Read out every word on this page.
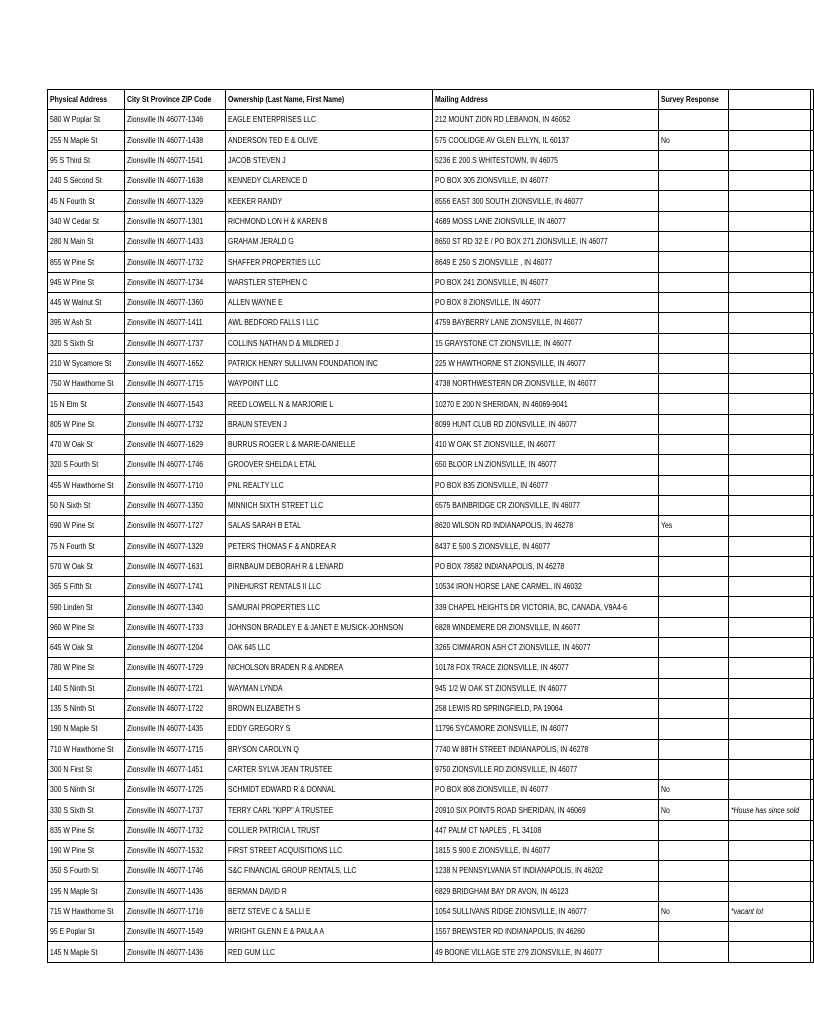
Physical Address	City St Province ZIP Code	Ownership (Last Name, First Name)	Mailing Address	Survey Response		
580 W Poplar St	Zionsville IN 46077-1346	EAGLE ENTERPRISES LLC	212 MOUNT ZION RD LEBANON, IN 46052			
255 N Maple St	Zionsville IN 46077-1438	ANDERSON TED E & OLIVE	575 COOLIDGE AV GLEN ELLYN, IL 60137	No		
95 S Third St	Zionsville IN 46077-1541	JACOB STEVEN J	5236 E 200 S WHITESTOWN, IN 46075			
240 S Second St	Zionsville IN 46077-1638	KENNEDY CLARENCE D	PO BOX 305 ZIONSVILLE, IN 46077			
45 N Fourth St	Zionsville IN 46077-1329	KEEKER RANDY	8556 EAST 300 SOUTH ZIONSVILLE, IN 46077			
340 W Cedar St	Zionsville IN 46077-1301	RICHMOND LON H & KAREN B	4689 MOSS LANE ZIONSVILLE, IN 46077			
280 N Main St	Zionsville IN 46077-1433	GRAHAM JERALD G	8650 ST RD 32 E / PO BOX 271 ZIONSVILLE, IN 46077			
855 W Pine St	Zionsville IN 46077-1732	SHAFFER PROPERTIES LLC	8649 E 250 S ZIONSVILLE , IN 46077			
945 W Pine St	Zionsville IN 46077-1734	WARSTLER STEPHEN C	PO BOX 241 ZIONSVILLE, IN 46077			
445 W Walnut St	Zionsville IN 46077-1360	ALLEN WAYNE E	PO BOX 8 ZIONSVILLE, IN 46077			
395 W Ash St	Zionsville IN 46077-1411	AWL BEDFORD FALLS I LLC	4759 BAYBERRY LANE ZIONSVILLE, IN 46077			
320 S Sixth St	Zionsville IN 46077-1737	COLLINS NATHAN D & MILDRED J	15 GRAYSTONE CT ZIONSVILLE, IN 46077			
210 W Sycamore St	Zionsville IN 46077-1652	PATRICK HENRY SULLIVAN FOUNDATION INC	225 W HAWTHORNE ST ZIONSVILLE, IN 46077			
750 W Hawthorne St	Zionsville IN 46077-1715	WAYPOINT LLC	4738 NORTHWESTERN DR ZIONSVILLE, IN 46077			
15 N Elm St	Zionsville IN 46077-1543	REED LOWELL N & MARJORIE L	10270 E 200 N SHERIDAN, IN 46069-9041			
805 W Pine St	Zionsville IN 46077-1732	BRAUN STEVEN J	8099 HUNT CLUB RD ZIONSVILLE, IN 46077			
470 W Oak St	Zionsville IN 46077-1629	BURRUS ROGER L & MARIE-DANIELLE	410 W OAK ST ZIONSVILLE, IN 46077			
320 S Fourth St	Zionsville IN 46077-1746	GROOVER SHELDA L ETAL	650 BLOOR LN ZIONSVILLE, IN 46077			
455 W Hawthorne St	Zionsville IN 46077-1710	PNL REALTY LLC	PO BOX 835 ZIONSVILLE, IN 46077			
50 N Sixth St	Zionsville IN 46077-1350	MINNICH SIXTH STREET LLC	6575 BAINBRIDGE CR ZIONSVILLE, IN 46077			
690 W Pine St	Zionsville IN 46077-1727	SALAS SARAH B ETAL	8620 WILSON RD INDIANAPOLIS, IN 46278	Yes		
75 N Fourth St	Zionsville IN 46077-1329	PETERS THOMAS F & ANDREA R	8437 E 500 S ZIONSVILLE, IN 46077			
570 W Oak St	Zionsville IN 46077-1631	BIRNBAUM DEBORAH R & LENARD	PO BOX 78582 INDIANAPOLIS, IN 46278			
365 S Fifth St	Zionsville IN 46077-1741	PINEHURST RENTALS II LLC	10534 IRON HORSE LANE CARMEL, IN 46032			
590 Linden St	Zionsville IN 46077-1340	SAMURAI PROPERTIES LLC	339 CHAPEL HEIGHTS DR VICTORIA, BC, CANADA, V9A4-6			
960 W Pine St	Zionsville IN 46077-1733	JOHNSON BRADLEY E & JANET E MUSICK-JOHNSON	6828 WINDEMERE DR ZIONSVILLE, IN 46077			
645 W Oak St	Zionsville IN 46077-1204	OAK 645 LLC	3265 CIMMARON ASH CT ZIONSVILLE, IN 46077			
780 W Pine St	Zionsville IN 46077-1729	NICHOLSON BRADEN R & ANDREA	10178 FOX TRACE ZIONSVILLE, IN 46077			
140 S Ninth St	Zionsville IN 46077-1721	WAYMAN LYNDA	945 1/2 W OAK ST ZIONSVILLE, IN 46077			
135 S Ninth St	Zionsville IN 46077-1722	BROWN ELIZABETH S	258 LEWIS RD SPRINGFIELD, PA 19064			
190 N Maple St	Zionsville IN 46077-1435	EDDY GREGORY S	11796 SYCAMORE ZIONSVILLE, IN 46077			
710 W Hawthorne St	Zionsville IN 46077-1715	BRYSON CAROLYN Q	7740 W 88TH STREET INDIANAPOLIS, IN 46278			
300 N First St	Zionsville IN 46077-1451	CARTER SYLVA JEAN TRUSTEE	9750 ZIONSVILLE RD ZIONSVILLE, IN 46077			
300 S Ninth St	Zionsville IN 46077-1725	SCHMIDT EDWARD R & DONNAL	PO BOX 808 ZIONSVILLE, IN 46077	No		
330 S Sixth St	Zionsville IN 46077-1737	TERRY CARL "KIPP" A TRUSTEE	20910 SIX POINTS ROAD SHERIDAN, IN 46069	No	*House has since sold	
835 W Pine St	Zionsville IN 46077-1732	COLLIER PATRICIA L TRUST	447 PALM CT NAPLES , FL 34108			
190 W Pine St	Zionsville IN 46077-1532	FIRST STREET ACQUISITIONS LLC	1815 S 900 E ZIONSVILLE, IN 46077			
350 S Fourth St	Zionsville IN 46077-1746	S&C FINANCIAL GROUP RENTALS, LLC	1238 N PENNSYLVANIA ST INDIANAPOLIS, IN 46202			
195 N Maple St	Zionsville IN 46077-1436	BERMAN DAVID R	6829 BRIDGHAM BAY DR AVON, IN 46123			
715 W Hawthorne St	Zionsville IN 46077-1716	BETZ STEVE C & SALLI E	1054 SULLIVANS RIDGE ZIONSVILLE, IN 46077	No	*vacant lot	
95 E Poplar St	Zionsville IN 46077-1549	WRIGHT GLENN E & PAULA A	1557 BREWSTER RD INDIANAPOLIS, IN 46260			
145 N Maple St	Zionsville IN 46077-1436	RED GUM LLC	49 BOONE VILLAGE STE 279 ZIONSVILLE, IN 46077			
